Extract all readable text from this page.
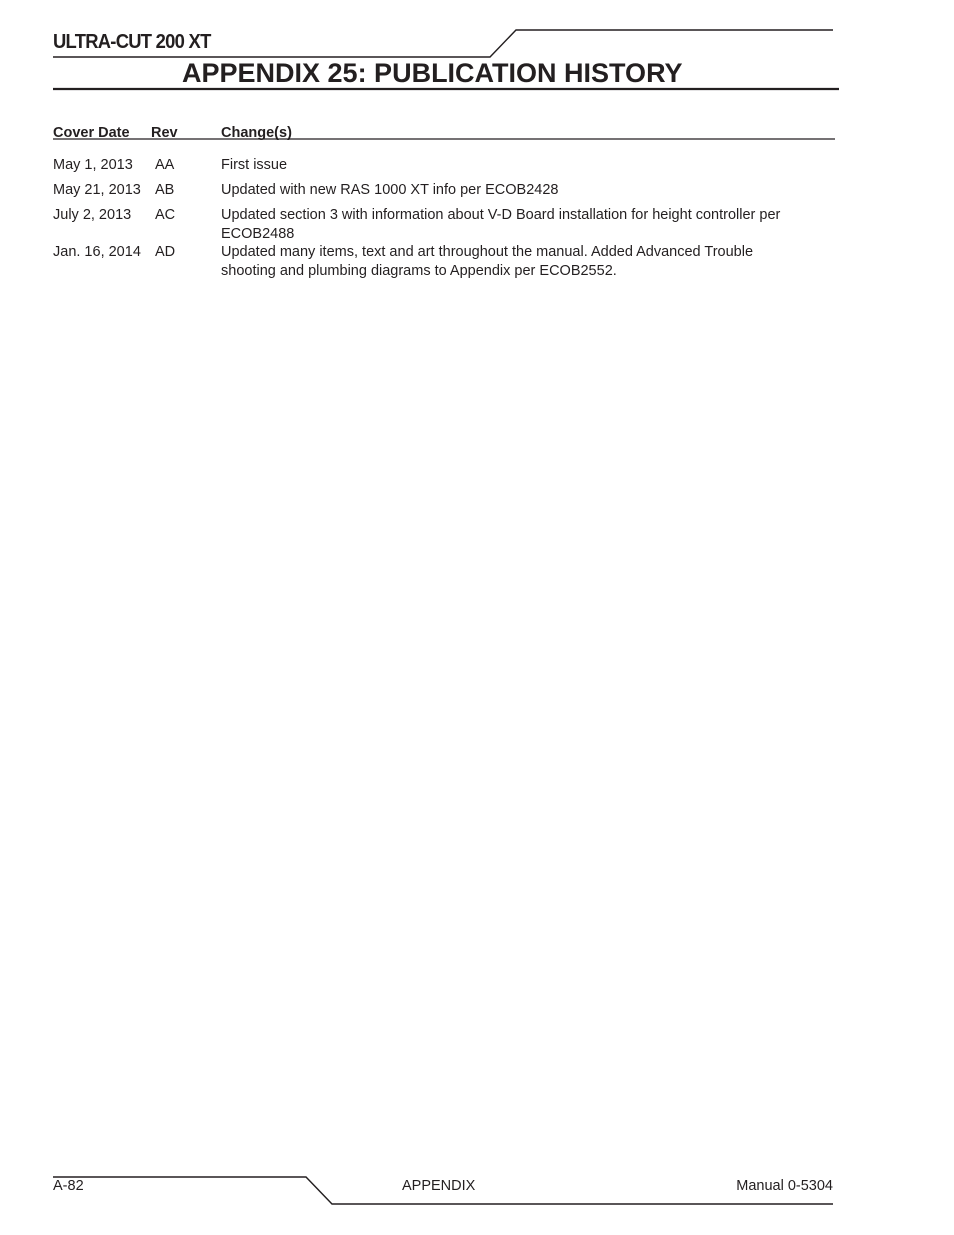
ULTRA-CUT 200 XT
APPENDIX 25: PUBLICATION HISTORY
Cover Date Rev	Change(s)
May 1, 2013 AA	First issue
May 21, 2013 AB	Updated with new RAS 1000 XT info per ECOB2428
July 2, 2013 AC	Updated section 3 with information about V-D Board installation for height controller per ECOB2488
Jan. 16, 2014 AD	Updated many items, text and art throughout the manual. Added Advanced Trouble shooting and plumbing diagrams to Appendix per ECOB2552.
A-82	APPENDIX	Manual 0-5304
